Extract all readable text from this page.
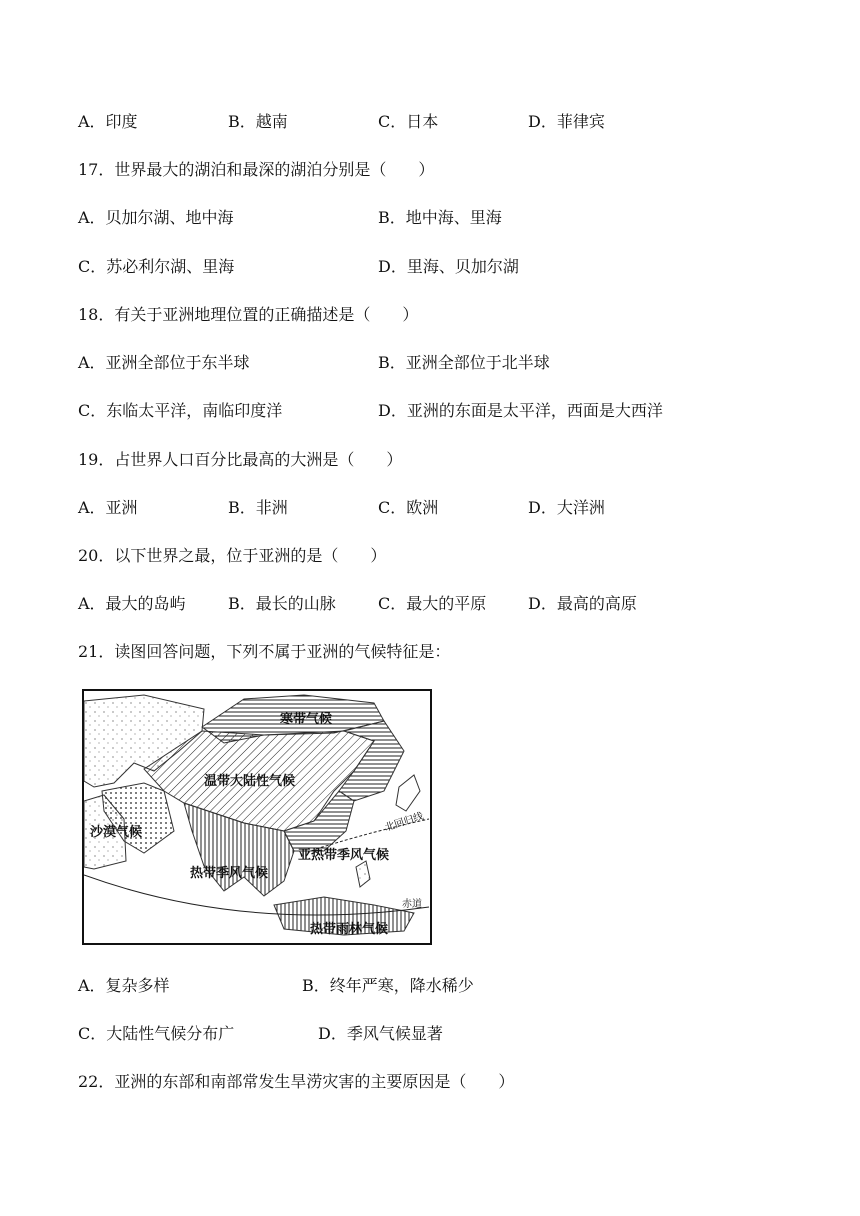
A．印度	B．越南	C．日本	D．菲律宾
17．世界最大的湖泊和最深的湖泊分别是（　　）
A．贝加尔湖、地中海	B．地中海、里海
C．苏必利尔湖、里海	D．里海、贝加尔湖
18．有关于亚洲地理位置的正确描述是（　　）
A．亚洲全部位于东半球	B．亚洲全部位于北半球
C．东临太平洋，南临印度洋	D．亚洲的东面是太平洋，西面是大西洋
19．占世界人口百分比最高的大洲是（　　）
A．亚洲	B．非洲	C．欧洲	D．大洋洲
20．以下世界之最，位于亚洲的是（　　）
A．最大的岛屿	B．最长的山脉	C．最大的平原	D．最高的高原
21．读图回答问题，下列不属于亚洲的气候特征是：
寒带气候
温带大陆性气候
沙漠气候
亚热带季风气候
热带季风气候
热带雨林气候
北回归线
赤道
A．复杂多样	B．终年严寒，降水稀少
C．大陆性气候分布广	D．季风气候显著
22．亚洲的东部和南部常发生旱涝灾害的主要原因是（　　）
